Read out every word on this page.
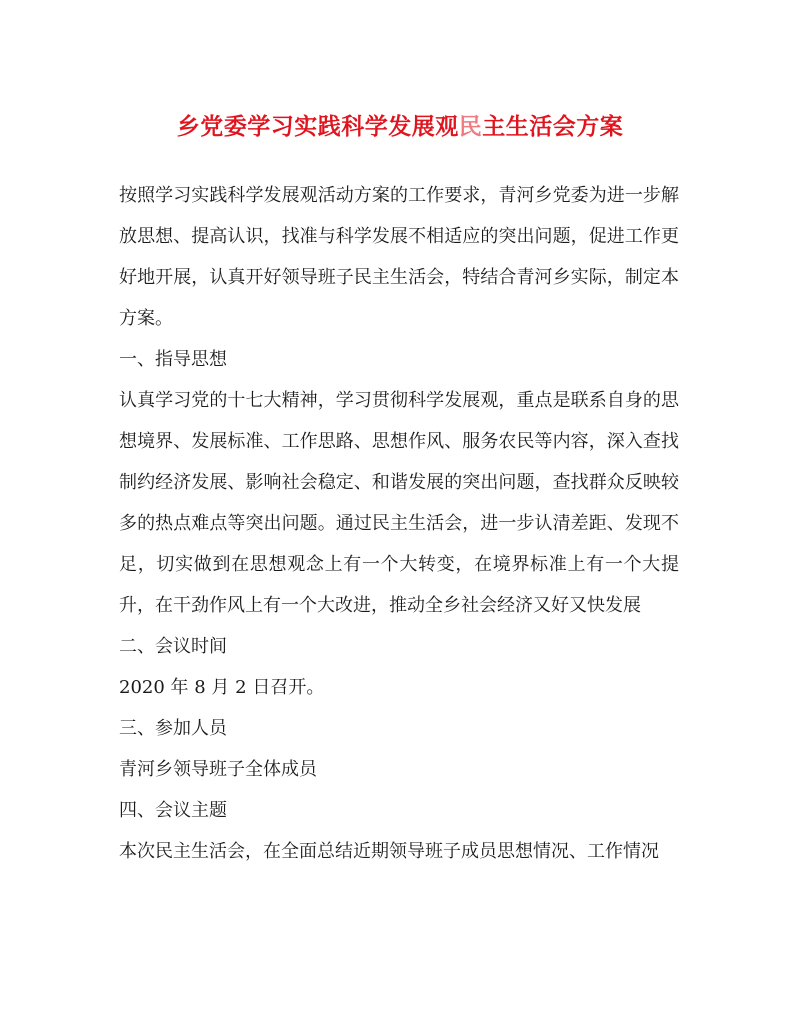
乡党委学习实践科学发展观民主生活会方案

按照学习实践科学发展观活动方案的工作要求，青河乡党委为进一步解放思想、提高认识，找准与科学发展不相适应的突出问题，促进工作更好地开展，认真开好领导班子民主生活会，特结合青河乡实际，制定本方案。

一、指导思想

认真学习党的十七大精神，学习贯彻科学发展观，重点是联系自身的思想境界、发展标准、工作思路、思想作风、服务农民等内容，深入查找制约经济发展、影响社会稳定、和谐发展的突出问题，查找群众反映较多的热点难点等突出问题。通过民主生活会，进一步认清差距、发现不足，切实做到在思想观念上有一个大转变，在境界标准上有一个大提升，在干劲作风上有一个大改进，推动全乡社会经济又好又快发展

二、会议时间

2020 年 8 月 2 日召开。

三、参加人员

青河乡领导班子全体成员

四、会议主题

本次民主生活会，在全面总结近期领导班子成员思想情况、工作情况
